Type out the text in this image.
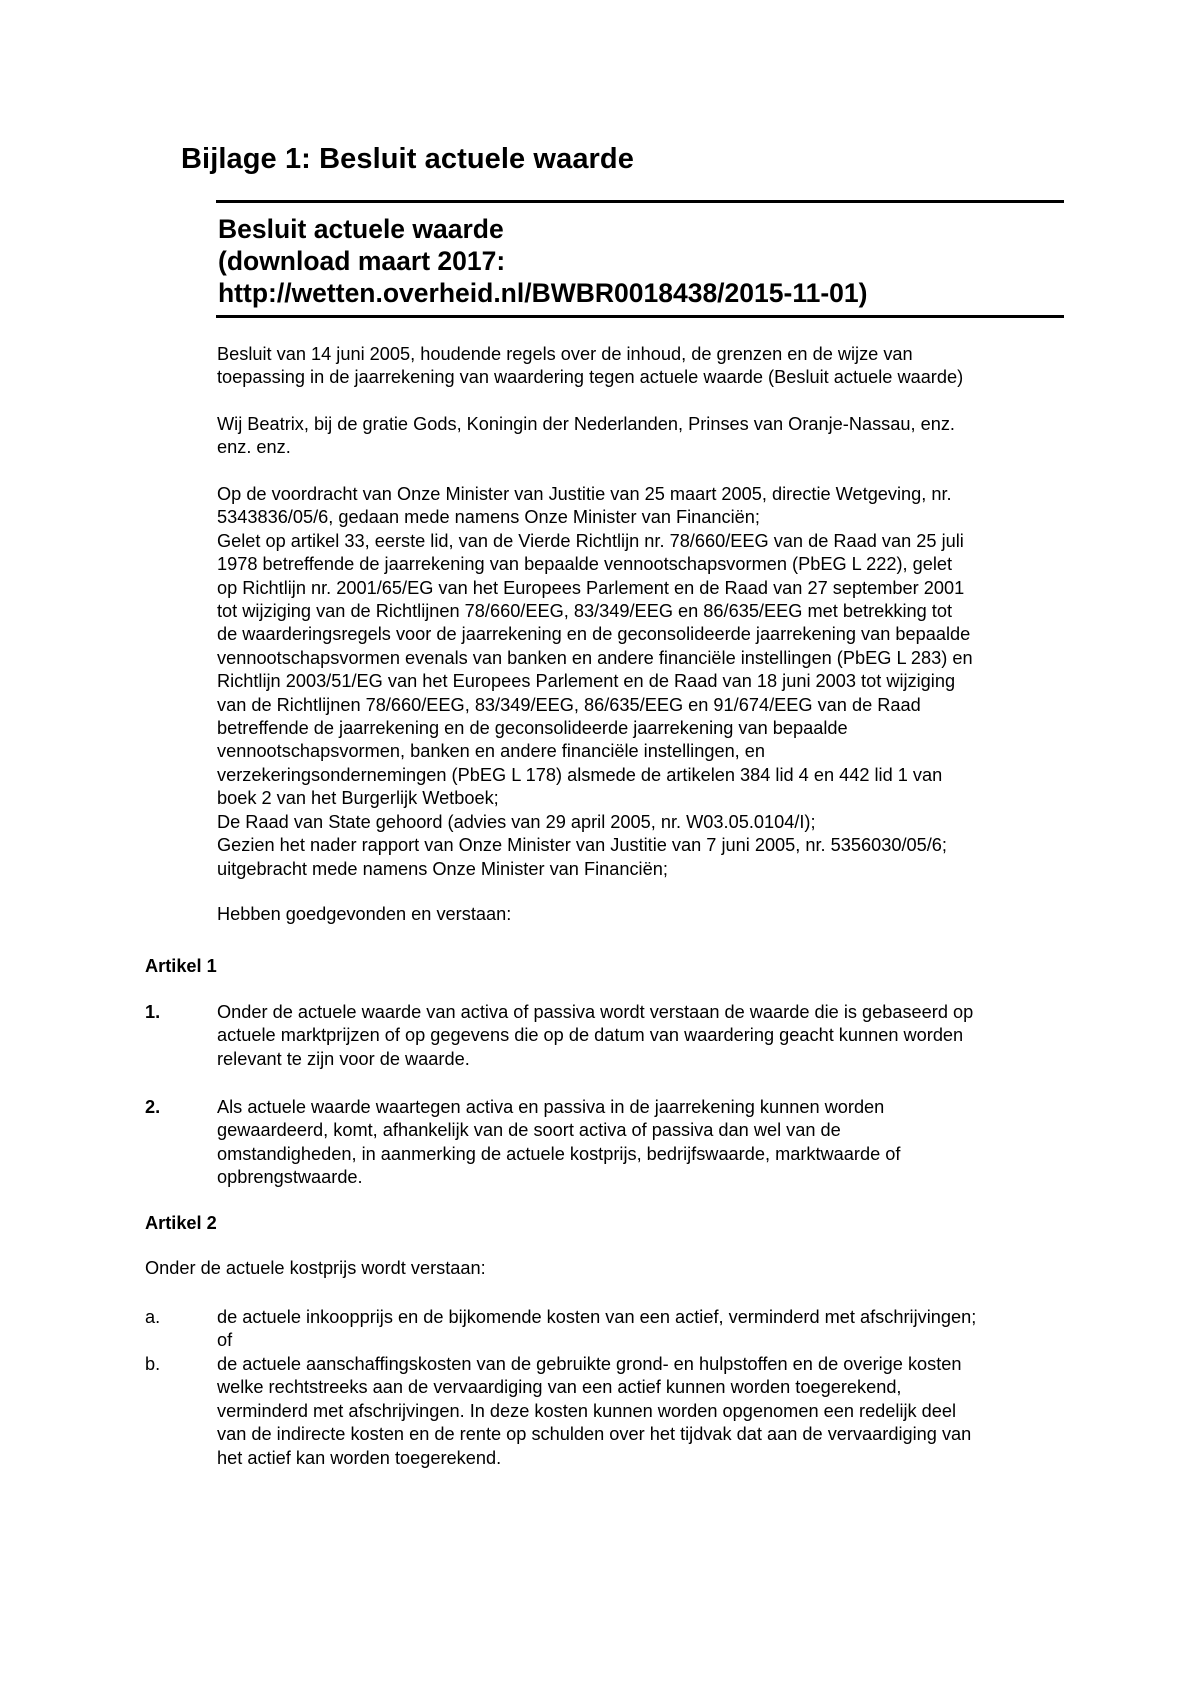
Bijlage 1: Besluit actuele waarde
Besluit actuele waarde
(download maart 2017:
http://wetten.overheid.nl/BWBR0018438/2015-11-01)

Besluit van 14 juni 2005, houdende regels over de inhoud, de grenzen en de wijze van
toepassing in de jaarrekening van waardering tegen actuele waarde (Besluit actuele waarde)

Wij Beatrix, bij de gratie Gods, Koningin der Nederlanden, Prinses van Oranje-Nassau, enz.
enz. enz.

Op de voordracht van Onze Minister van Justitie van 25 maart 2005, directie Wetgeving, nr.
5343836/05/6, gedaan mede namens Onze Minister van Financiën;
Gelet op artikel 33, eerste lid, van de Vierde Richtlijn nr. 78/660/EEG van de Raad van 25 juli
1978 betreffende de jaarrekening van bepaalde vennootschapsvormen (PbEG L 222), gelet
op Richtlijn nr. 2001/65/EG van het Europees Parlement en de Raad van 27 september 2001
tot wijziging van de Richtlijnen 78/660/EEG, 83/349/EEG en 86/635/EEG met betrekking tot
de waarderingsregels voor de jaarrekening en de geconsolideerde jaarrekening van bepaalde
vennootschapsvormen evenals van banken en andere financiële instellingen (PbEG L 283) en
Richtlijn 2003/51/EG van het Europees Parlement en de Raad van 18 juni 2003 tot wijziging
van de Richtlijnen 78/660/EEG, 83/349/EEG, 86/635/EEG en 91/674/EEG van de Raad
betreffende de jaarrekening en de geconsolideerde jaarrekening van bepaalde
vennootschapsvormen, banken en andere financiële instellingen, en
verzekeringsondernemingen (PbEG L 178) alsmede de artikelen 384 lid 4 en 442 lid 1 van
boek 2 van het Burgerlijk Wetboek;
De Raad van State gehoord (advies van 29 april 2005, nr. W03.05.0104/I);
Gezien het nader rapport van Onze Minister van Justitie van 7 juni 2005, nr. 5356030/05/6;
uitgebracht mede namens Onze Minister van Financiën;

Hebben goedgevonden en verstaan:

Artikel 1
1.	Onder de actuele waarde van activa of passiva wordt verstaan de waarde die is gebaseerd op
actuele marktprijzen of op gegevens die op de datum van waardering geacht kunnen worden
relevant te zijn voor de waarde.
2.	Als actuele waarde waartegen activa en passiva in de jaarrekening kunnen worden
gewaardeerd, komt, afhankelijk van de soort activa of passiva dan wel van de
omstandigheden, in aanmerking de actuele kostprijs, bedrijfswaarde, marktwaarde of
opbrengstwaarde.
Artikel 2

Onder de actuele kostprijs wordt verstaan:

a.	de actuele inkoopprijs en de bijkomende kosten van een actief, verminderd met afschrijvingen;
of
b.	de actuele aanschaffingskosten van de gebruikte grond- en hulpstoffen en de overige kosten
welke rechtstreeks aan de vervaardiging van een actief kunnen worden toegerekend,
verminderd met afschrijvingen. In deze kosten kunnen worden opgenomen een redelijk deel
van de indirecte kosten en de rente op schulden over het tijdvak dat aan de vervaardiging van
het actief kan worden toegerekend.
